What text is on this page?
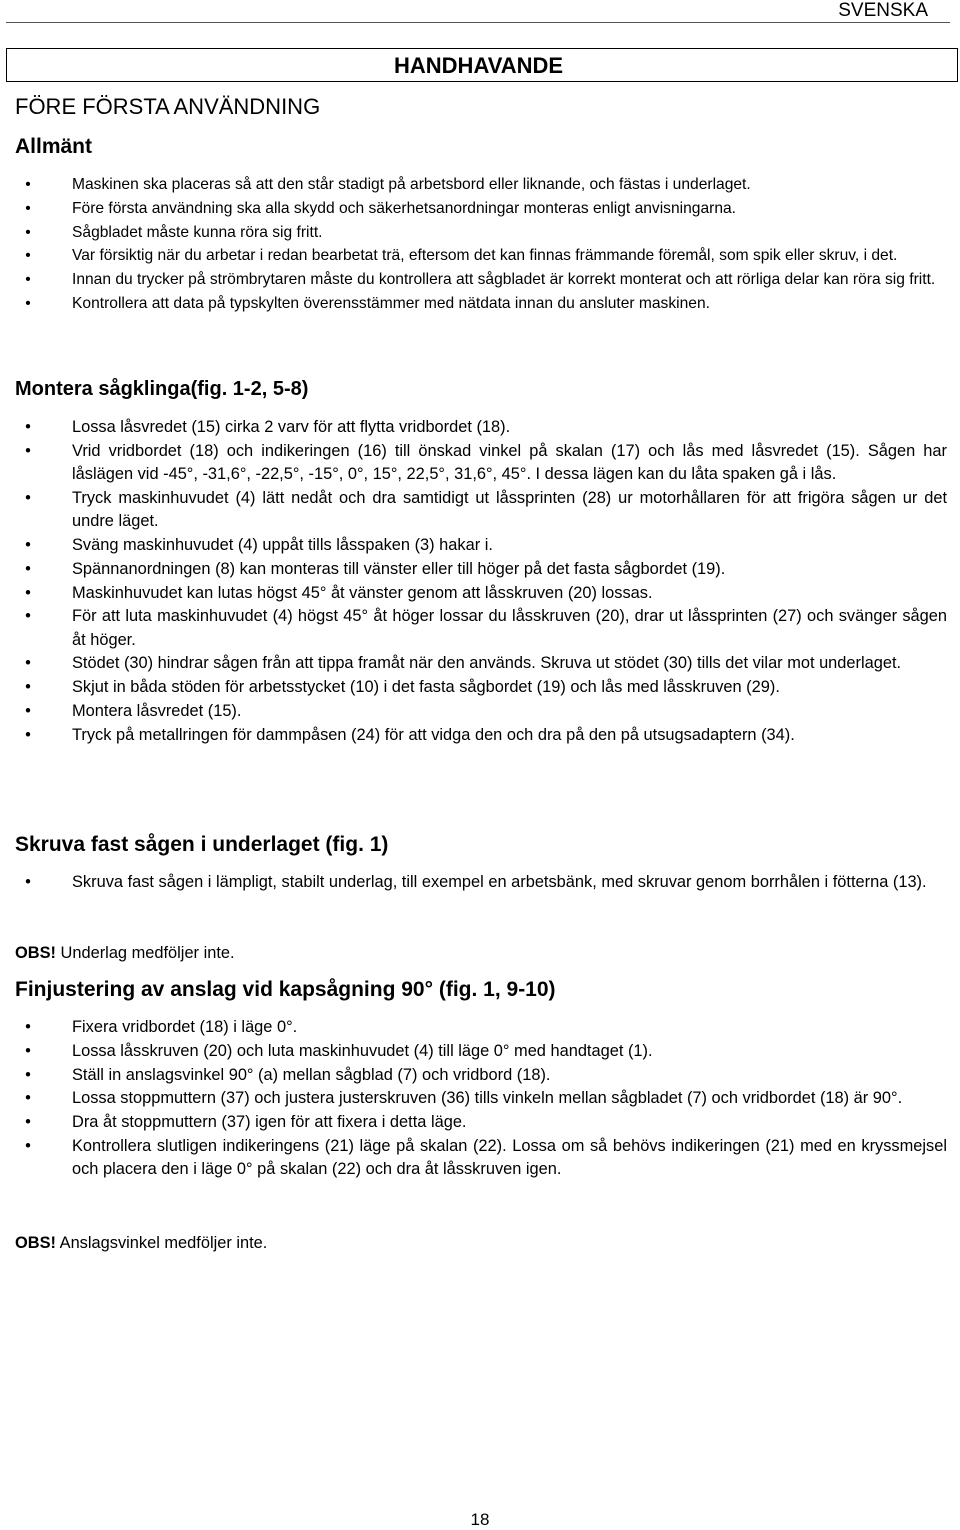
SVENSKA
HANDHAVANDE
FÖRE FÖRSTA ANVÄNDNING
Allmänt
•	Maskinen ska placeras så att den står stadigt på arbetsbord eller liknande, och fästas i underlaget.
•	Före första användning ska alla skydd och säkerhetsanordningar monteras enligt anvisningarna.
•	Sågbladet måste kunna röra sig fritt.
•	Var försiktig när du arbetar i redan bearbetat trä, eftersom det kan finnas främmande föremål, som spik eller skruv, i det.
•	Innan du trycker på strömbrytaren måste du kontrollera att sågbladet är korrekt monterat och att rörliga delar kan röra sig fritt.
•	Kontrollera att data på typskylten överensstämmer med nätdata innan du ansluter maskinen.
Montera sågklinga(fig. 1-2, 5-8)
•	Lossa låsvredet (15) cirka 2 varv för att flytta vridbordet (18).
•	Vrid vridbordet (18) och indikeringen (16) till önskad vinkel på skalan (17) och lås med låsvredet (15). Sågen har låslägen vid -45°, -31,6°, -22,5°, -15°, 0°, 15°, 22,5°, 31,6°, 45°. I dessa lägen kan du låta spaken gå i lås.
•	Tryck maskinhuvudet (4) lätt nedåt och dra samtidigt ut låssprinten (28) ur motorhållaren för att frigöra sågen ur det undre läget.
•	Sväng maskinhuvudet (4) uppåt tills låsspaken (3) hakar i.
•	Spännanordningen (8) kan monteras till vänster eller till höger på det fasta sågbordet (19).
•	Maskinhuvudet kan lutas högst 45° åt vänster genom att låsskruven (20) lossas.
•	För att luta maskinhuvudet (4) högst 45° åt höger lossar du låsskruven (20), drar ut låssprinten (27) och svänger sågen åt höger.
•	Stödet (30) hindrar sågen från att tippa framåt när den används. Skruva ut stödet (30) tills det vilar mot underlaget.
•	Skjut in båda stöden för arbetsstycket (10) i det fasta sågbordet (19) och lås med låsskruven (29).
•	Montera låsvredet (15).
•	Tryck på metallringen för dammpåsen (24) för att vidga den och dra på den på utsugsadaptern (34).
Skruva fast sågen i underlaget (fig. 1)
•	Skruva fast sågen i lämpligt, stabilt underlag, till exempel en arbetsbänk, med skruvar genom borrhålen i fötterna (13).
OBS! Underlag medföljer inte.
Finjustering av anslag vid kapsågning 90° (fig. 1, 9-10)
•	Fixera vridbordet (18) i läge 0°.
•	Lossa låsskruven (20) och luta maskinhuvudet (4) till läge 0° med handtaget (1).
•	Ställ in anslagsvinkel 90° (a) mellan sågblad (7) och vridbord (18).
•	Lossa stoppmuttern (37) och justera justerskruven (36) tills vinkeln mellan sågbladet (7) och vridbordet (18) är 90°.
•	Dra åt stoppmuttern (37) igen för att fixera i detta läge.
•	Kontrollera slutligen indikeringens (21) läge på skalan (22). Lossa om så behövs indikeringen (21) med en kryssmejsel och placera den i läge 0° på skalan (22) och dra åt låsskruven igen.
OBS! Anslagsvinkel medföljer inte.
18
